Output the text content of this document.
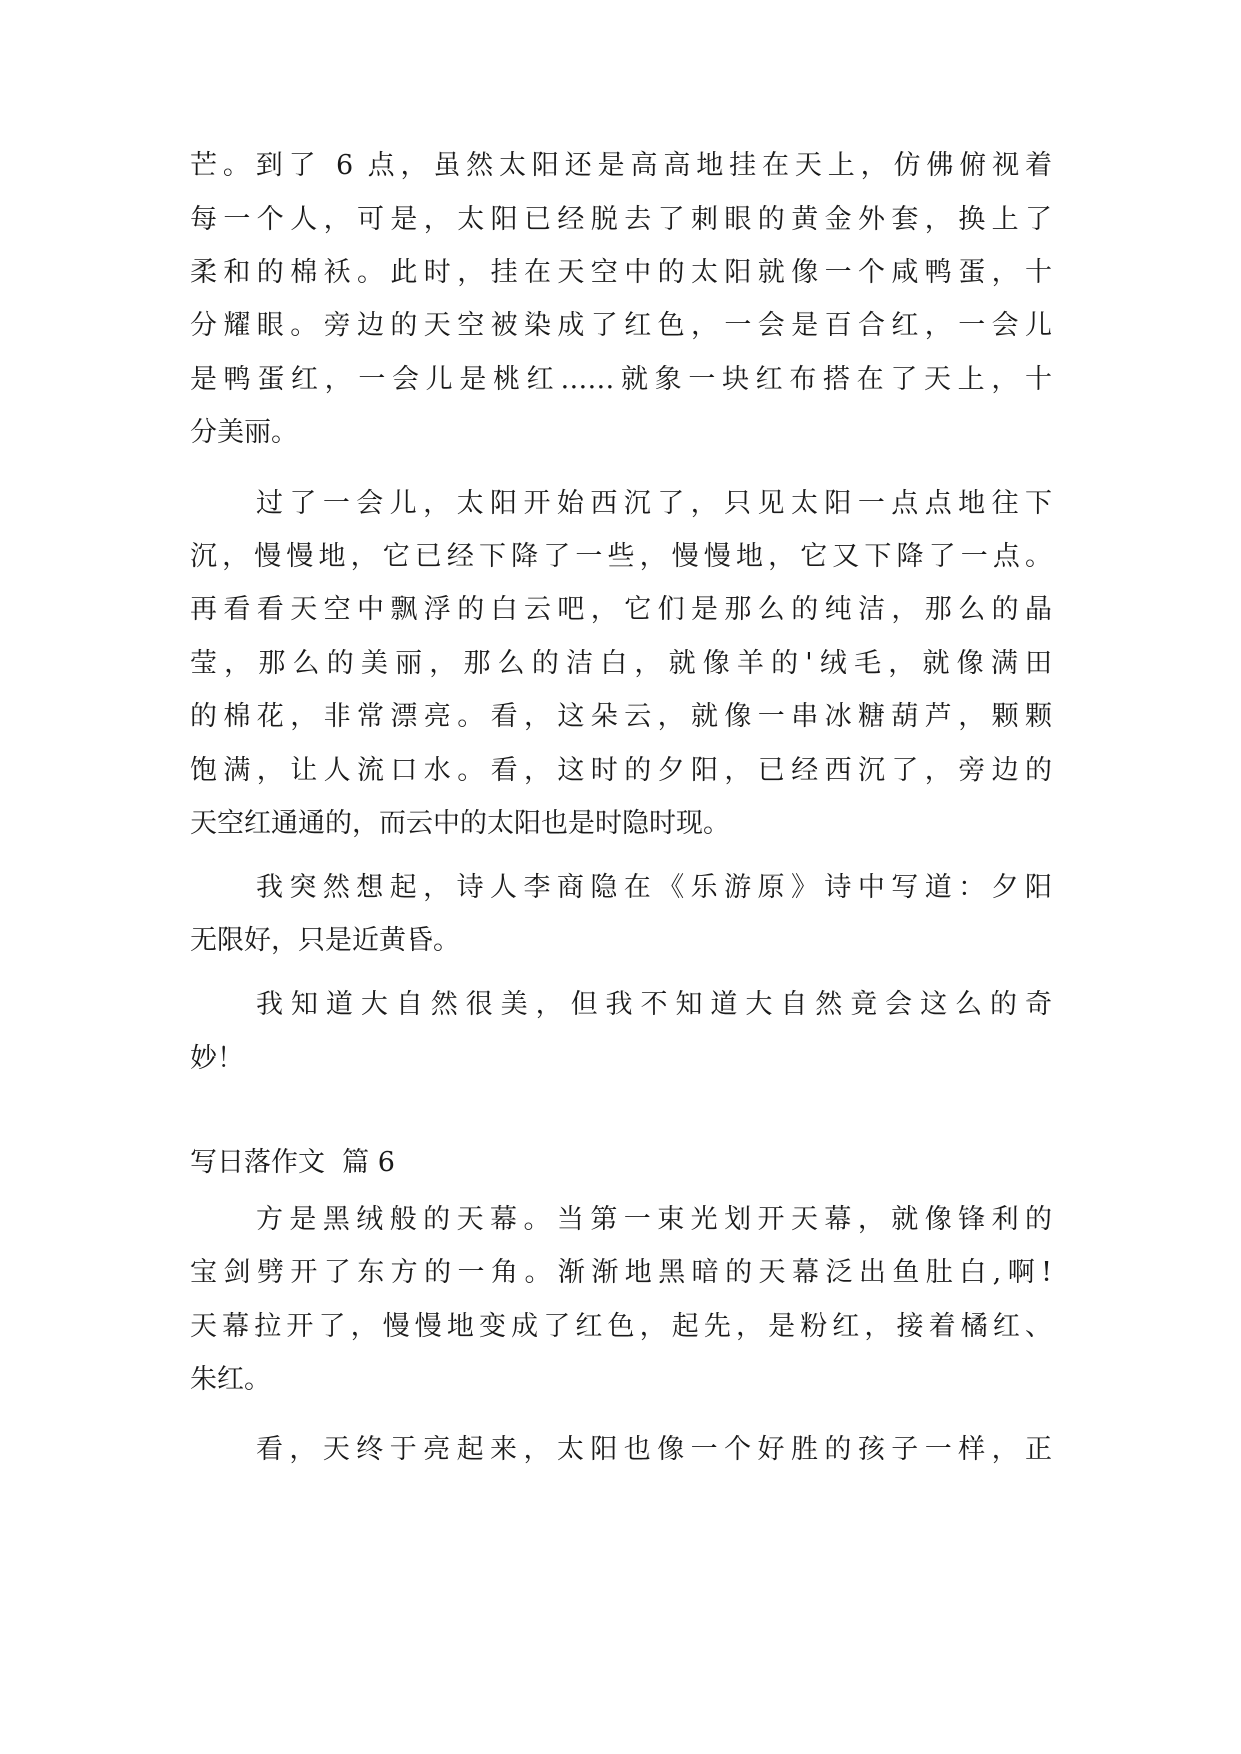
芒。到了 6 点，虽然太阳还是高高地挂在天上，仿佛俯视着
每一个人，可是，太阳已经脱去了刺眼的黄金外套，换上了
柔和的棉袄。此时，挂在天空中的太阳就像一个咸鸭蛋，十
分耀眼。旁边的天空被染成了红色，一会是百合红，一会儿
是鸭蛋红，一会儿是桃红……就象一块红布搭在了天上，十
分美丽。
过了一会儿，太阳开始西沉了，只见太阳一点点地往下
沉，慢慢地，它已经下降了一些，慢慢地，它又下降了一点。
再看看天空中飘浮的白云吧，它们是那么的纯洁，那么的晶
莹，那么的美丽，那么的洁白，就像羊的'绒毛，就像满田
的棉花，非常漂亮。看，这朵云，就像一串冰糖葫芦，颗颗
饱满，让人流口水。看，这时的夕阳，已经西沉了，旁边的
天空红通通的，而云中的太阳也是时隐时现。
我突然想起，诗人李商隐在《乐游原》诗中写道：夕阳
无限好，只是近黄昏。
我知道大自然很美，但我不知道大自然竟会这么的奇
妙！
写日落作文  篇 6
方是黑绒般的天幕。当第一束光划开天幕，就像锋利的
宝剑劈开了东方的一角。渐渐地黑暗的天幕泛出鱼肚白,啊!
天幕拉开了，慢慢地变成了红色，起先，是粉红，接着橘红、
朱红。
看，天终于亮起来，太阳也像一个好胜的孩子一样，正
